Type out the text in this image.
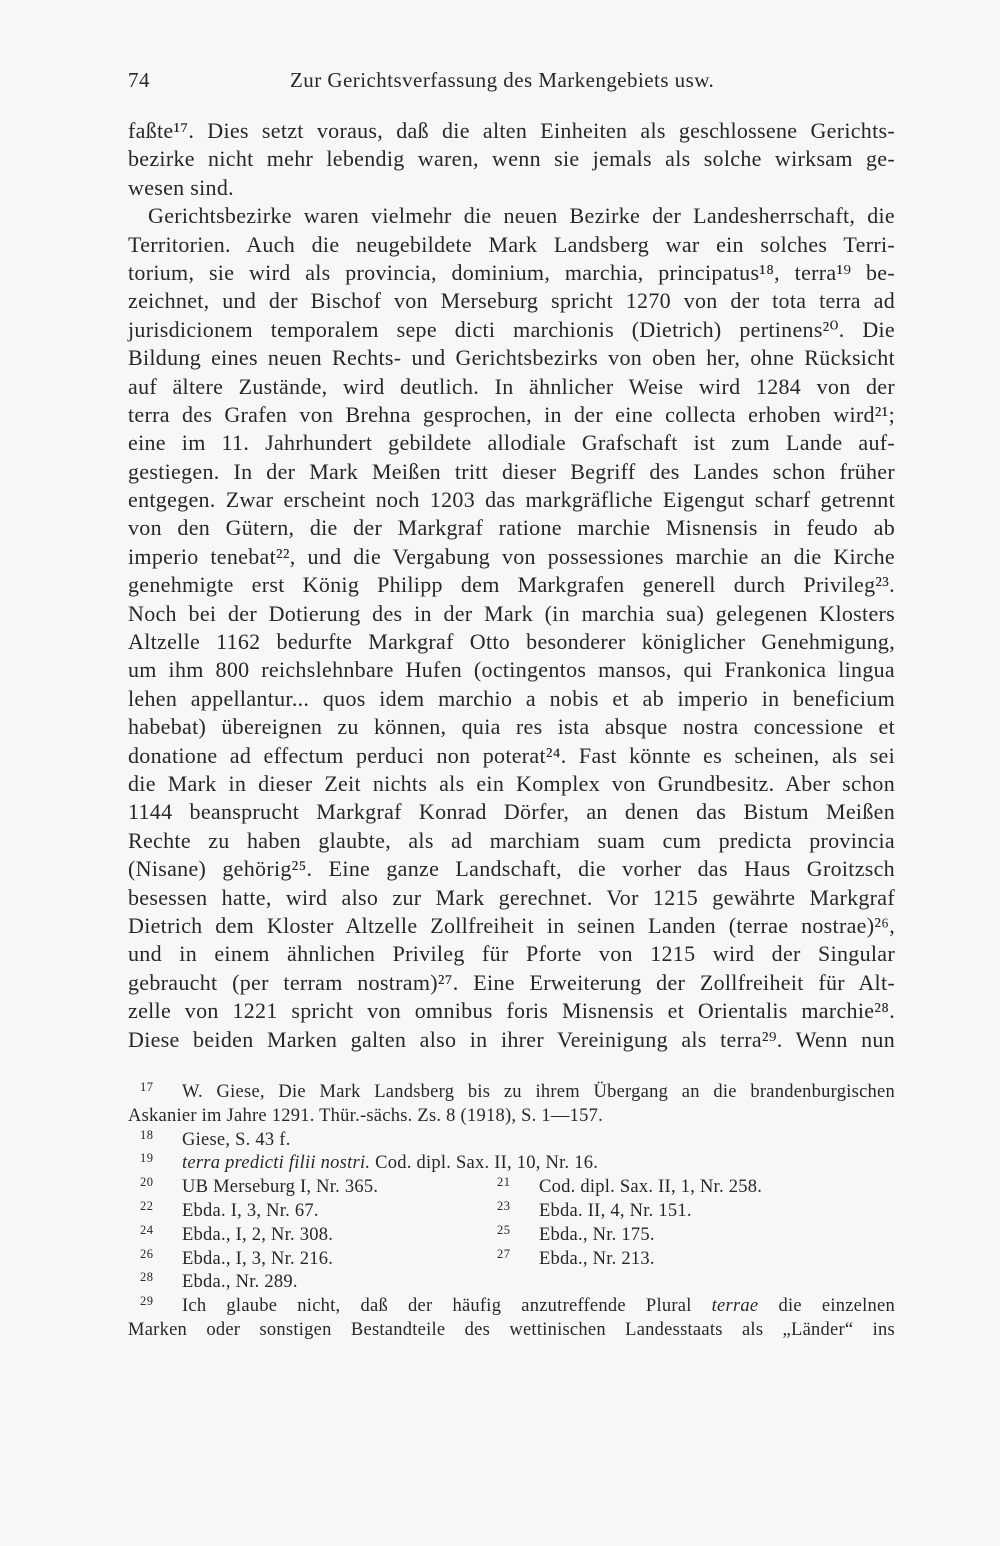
74	Zur Gerichtsverfassung des Markengebiets usw.
faßte¹⁷. Dies setzt voraus, daß die alten Einheiten als geschlossene Gerichts-
bezirke nicht mehr lebendig waren, wenn sie jemals als solche wirksam ge-
wesen sind.
Gerichtsbezirke waren vielmehr die neuen Bezirke der Landesherrschaft, die
Territorien. Auch die neugebildete Mark Landsberg war ein solches Terri-
torium, sie wird als provincia, dominium, marchia, principatus¹⁸, terra¹⁹ be-
zeichnet, und der Bischof von Merseburg spricht 1270 von der tota terra ad
jurisdicionem temporalem sepe dicti marchionis (Dietrich) pertinens²⁰. Die
Bildung eines neuen Rechts- und Gerichtsbezirks von oben her, ohne Rücksicht
auf ältere Zustände, wird deutlich. In ähnlicher Weise wird 1284 von der
terra des Grafen von Brehna gesprochen, in der eine collecta erhoben wird²¹;
eine im 11. Jahrhundert gebildete allodiale Grafschaft ist zum Lande auf-
gestiegen. In der Mark Meißen tritt dieser Begriff des Landes schon früher
entgegen. Zwar erscheint noch 1203 das markgräfliche Eigengut scharf getrennt
von den Gütern, die der Markgraf ratione marchie Misnensis in feudo ab
imperio tenebat²², und die Vergabung von possessiones marchie an die Kirche
genehmigte erst König Philipp dem Markgrafen generell durch Privileg²³.
Noch bei der Dotierung des in der Mark (in marchia sua) gelegenen Klosters
Altzelle 1162 bedurfte Markgraf Otto besonderer königlicher Genehmigung,
um ihm 800 reichslehnbare Hufen (octingentos mansos, qui Frankonica lingua
lehen appellantur... quos idem marchio a nobis et ab imperio in beneficium
habebat) übereignen zu können, quia res ista absque nostra concessione et
donatione ad effectum perduci non poterat²⁴. Fast könnte es scheinen, als sei
die Mark in dieser Zeit nichts als ein Komplex von Grundbesitz. Aber schon
1144 beansprucht Markgraf Konrad Dörfer, an denen das Bistum Meißen
Rechte zu haben glaubte, als ad marchiam suam cum predicta provincia
(Nisane) gehörig²⁵. Eine ganze Landschaft, die vorher das Haus Groitzsch
besessen hatte, wird also zur Mark gerechnet. Vor 1215 gewährte Markgraf
Dietrich dem Kloster Altzelle Zollfreiheit in seinen Landen (terrae nostrae)²⁶,
und in einem ähnlichen Privileg für Pforte von 1215 wird der Singular
gebraucht (per terram nostram)²⁷. Eine Erweiterung der Zollfreiheit für Alt-
zelle von 1221 spricht von omnibus foris Misnensis et Orientalis marchie²⁸.
Diese beiden Marken galten also in ihrer Vereinigung als terra²⁹. Wenn nun
17 W. Giese, Die Mark Landsberg bis zu ihrem Übergang an die brandenburgischen
Askanier im Jahre 1291. Thür.-sächs. Zs. 8 (1918), S. 1—157.
18 Giese, S. 43 f.
19 terra predicti filii nostri. Cod. dipl. Sax. II, 10, Nr. 16.
20 UB Merseburg I, Nr. 365.	21 Cod. dipl. Sax. II, 1, Nr. 258.
22 Ebda. I, 3, Nr. 67.	23 Ebda. II, 4, Nr. 151.
24 Ebda., I, 2, Nr. 308.	25 Ebda., Nr. 175.
26 Ebda., I, 3, Nr. 216.	27 Ebda., Nr. 213.
28 Ebda., Nr. 289.
29 Ich glaube nicht, daß der häufig anzutreffende Plural terrae die einzelnen
Marken oder sonstigen Bestandteile des wettinischen Landesstaats als „Länder“ ins
